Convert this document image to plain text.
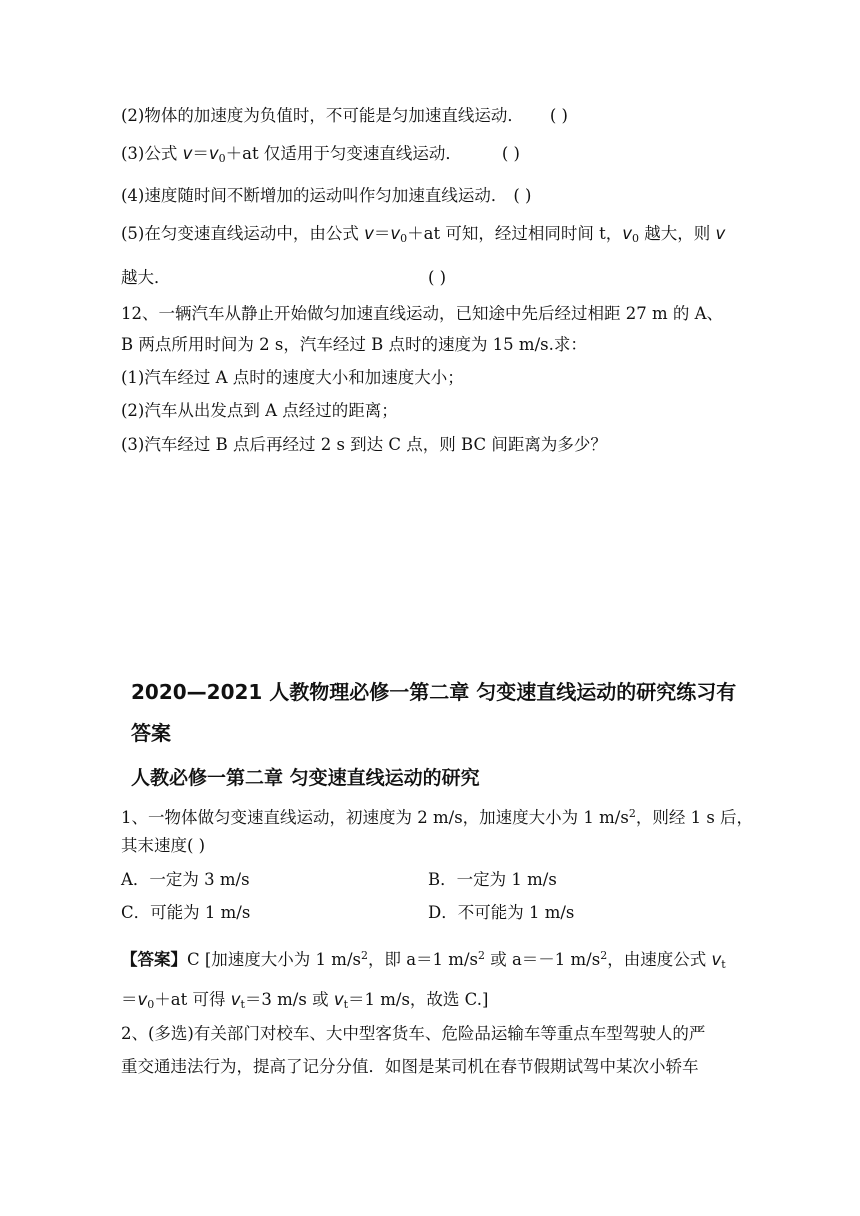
(2)物体的加速度为负值时，不可能是匀加速直线运动． ( )
(3)公式 $v=v_0+at$ 仅适用于匀变速直线运动． ( )
(4)速度随时间不断增加的运动叫作匀加速直线运动． ( )
(5)在匀变速直线运动中，由公式 $v=v_0+at$ 可知，经过相同时间 t，$v_0$ 越大，则 v
越大．	( )
12、一辆汽车从静止开始做匀加速直线运动，已知途中先后经过相距 27 m 的 A、
B 两点所用时间为 2 s，汽车经过 B 点时的速度为 15 m/s.求：
(1)汽车经过 A 点时的速度大小和加速度大小；
(2)汽车从出发点到 A 点经过的距离；
(3)汽车经过 B 点后再经过 2 s 到达 C 点，则 BC 间距离为多少？
2020—2021 人教物理必修一第二章 匀变速直线运动的研究练习有
答案
人教必修一第二章 匀变速直线运动的研究
1、一物体做匀变速直线运动，初速度为 2 m/s，加速度大小为 1 $m/s^2$，则经 1 s 后，
其末速度( )
A．一定为 3 m/s	B．一定为 1 m/s
C．可能为 1 m/s	D．不可能为 1 m/s
【答案】C [加速度大小为 1 $m/s^2$，即 a＝1 $m/s^2$ 或 a＝－1 $m/s^2$，由速度公式 $v_t$
$=v_0+at$ 可得 $v_t=3$ m/s 或 $v_t=1$ m/s，故选 C.]
2、(多选)有关部门对校车、大中型客货车、危险品运输车等重点车型驾驶人的严
重交通违法行为，提高了记分分值．如图是某司机在春节假期试驾中某次小轿车
